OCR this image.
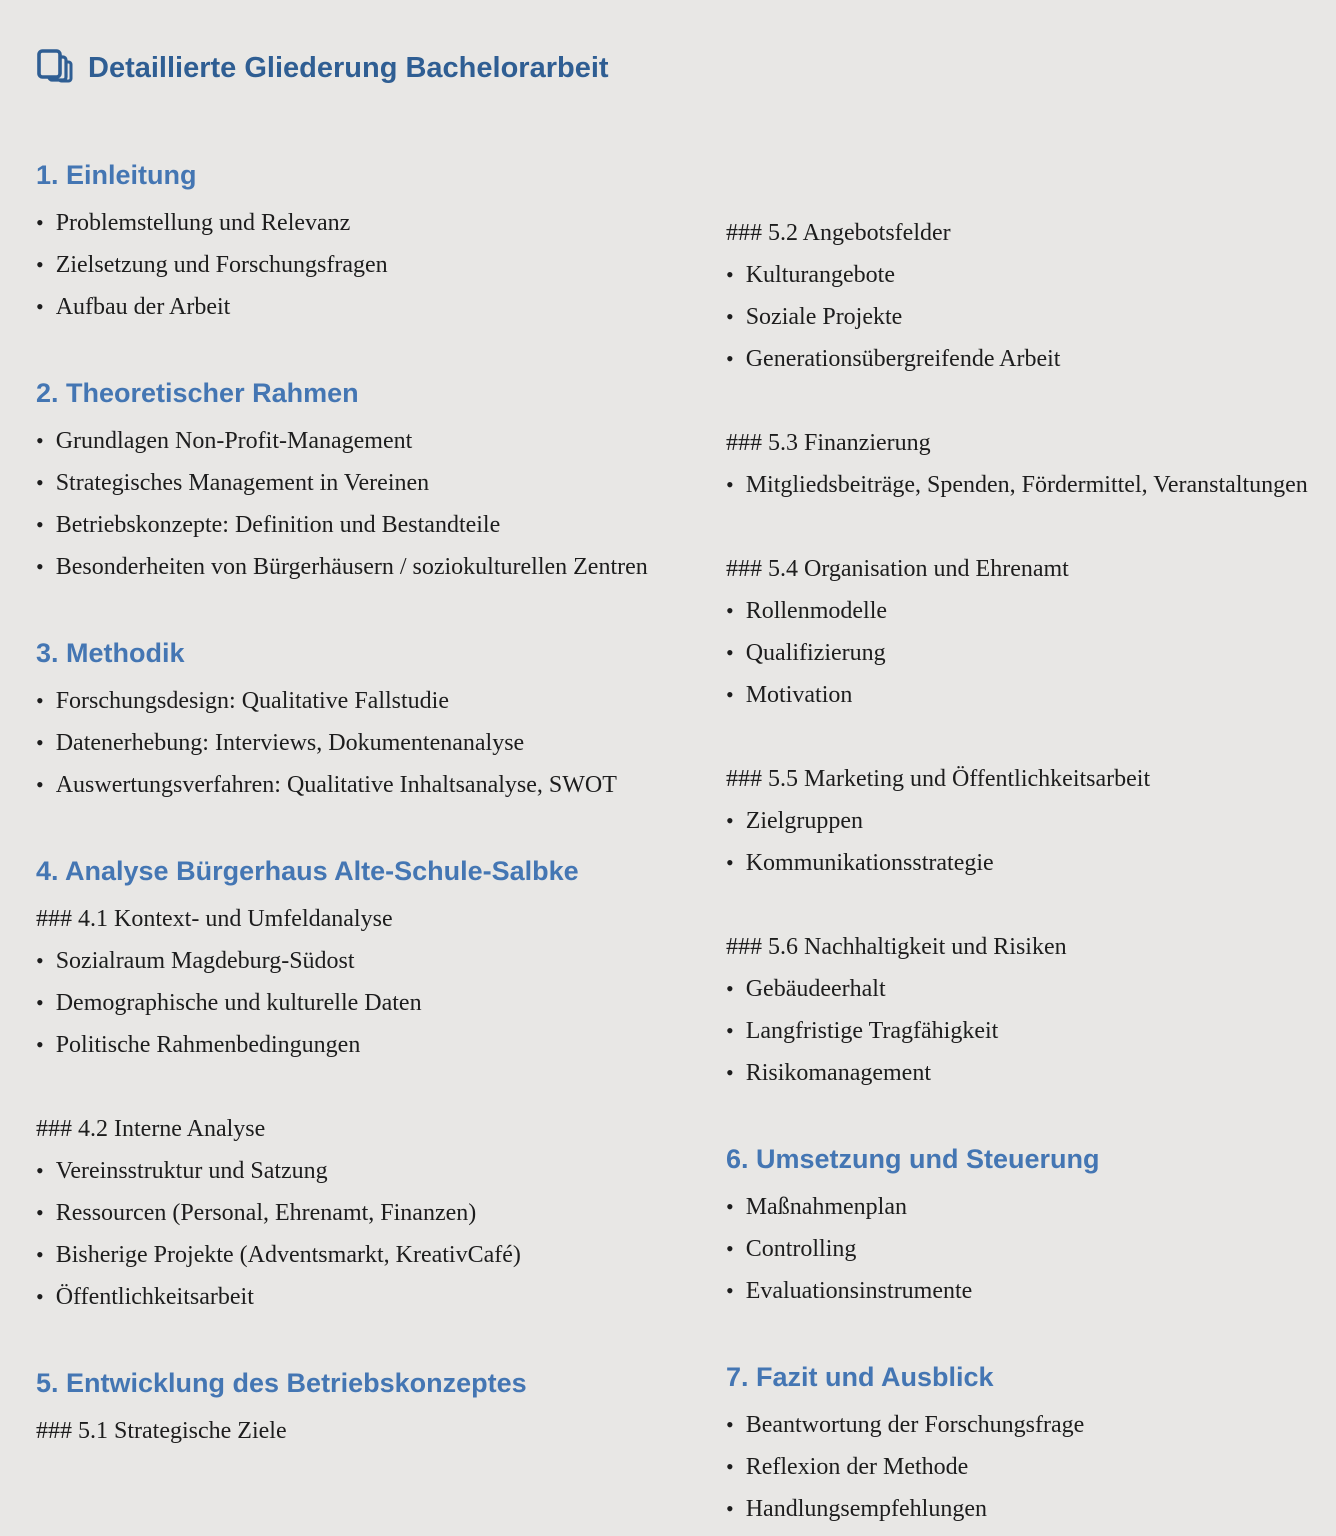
Detaillierte Gliederung Bachelorarbeit
1. Einleitung
• Problemstellung und Relevanz
• Zielsetzung und Forschungsfragen
• Aufbau der Arbeit
2. Theoretischer Rahmen
• Grundlagen Non-Profit-Management
• Strategisches Management in Vereinen
• Betriebskonzepte: Definition und Bestandteile
• Besonderheiten von Bürgerhäusern / soziokulturellen Zentren
3. Methodik
• Forschungsdesign: Qualitative Fallstudie
• Datenerhebung: Interviews, Dokumentenanalyse
• Auswertungsverfahren: Qualitative Inhaltsanalyse, SWOT
4. Analyse Bürgerhaus Alte-Schule-Salbke
### 4.1 Kontext- und Umfeldanalyse
• Sozialraum Magdeburg-Südost
• Demographische und kulturelle Daten
• Politische Rahmenbedingungen
### 4.2 Interne Analyse
• Vereinsstruktur und Satzung
• Ressourcen (Personal, Ehrenamt, Finanzen)
• Bisherige Projekte (Adventsmarkt, KreativCafé)
• Öffentlichkeitsarbeit
5. Entwicklung des Betriebskonzeptes
### 5.1 Strategische Ziele
### 5.2 Angebotsfelder
• Kulturangebote
• Soziale Projekte
• Generationsübergreifende Arbeit
### 5.3 Finanzierung
• Mitgliedsbeiträge, Spenden, Fördermittel, Veranstaltungen
### 5.4 Organisation und Ehrenamt
• Rollenmodelle
• Qualifizierung
• Motivation
### 5.5 Marketing und Öffentlichkeitsarbeit
• Zielgruppen
• Kommunikationsstrategie
### 5.6 Nachhaltigkeit und Risiken
• Gebäudeerhalt
• Langfristige Tragfähigkeit
• Risikomanagement
6. Umsetzung und Steuerung
• Maßnahmenplan
• Controlling
• Evaluationsinstrumente
7. Fazit und Ausblick
• Beantwortung der Forschungsfrage
• Reflexion der Methode
• Handlungsempfehlungen
